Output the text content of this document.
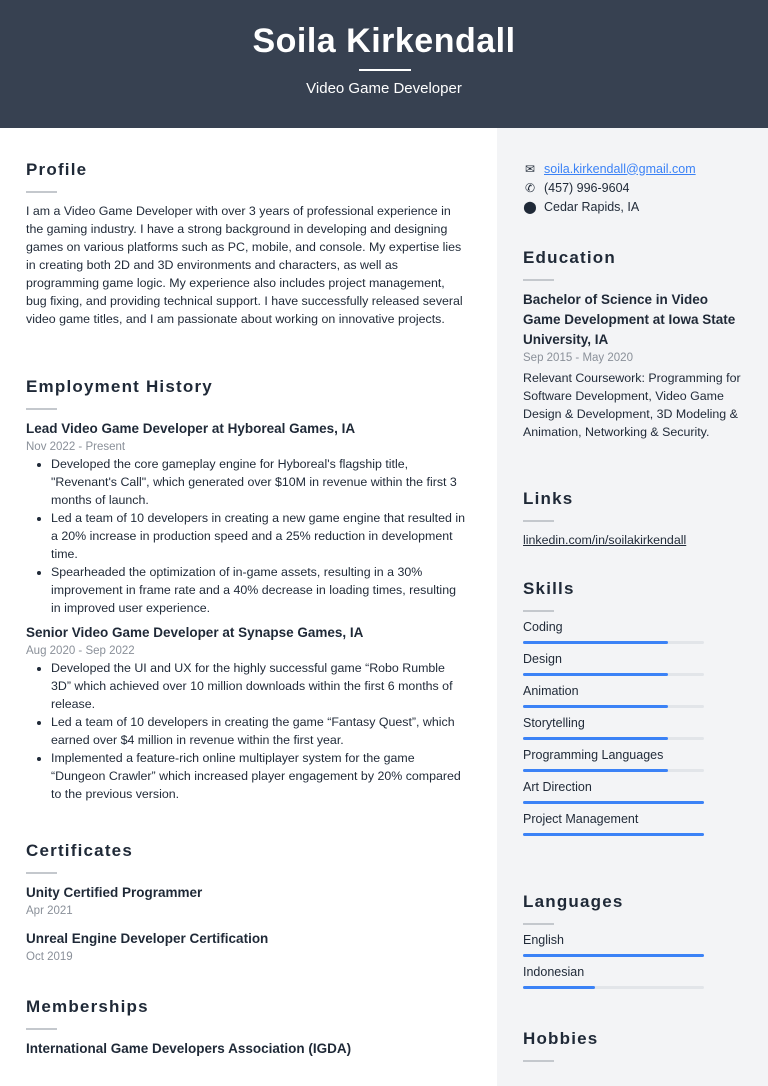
Soila Kirkendall
Video Game Developer
Profile

I am a Video Game Developer with over 3 years of professional experience in the gaming industry. I have a strong background in developing and designing games on various platforms such as PC, mobile, and console. My expertise lies in creating both 2D and 3D environments and characters, as well as programming game logic. My experience also includes project management, bug fixing, and providing technical support. I have successfully released several video game titles, and I am passionate about working on innovative projects.

Employment History
Lead Video Game Developer at Hyboreal Games, IA
Nov 2022 - Present
• Developed the core gameplay engine for Hyboreal's flagship title, "Revenant's Call", which generated over $10M in revenue within the first 3 months of launch.
• Led a team of 10 developers in creating a new game engine that resulted in a 20% increase in production speed and a 25% reduction in development time.
• Spearheaded the optimization of in-game assets, resulting in a 30% improvement in frame rate and a 40% decrease in loading times, resulting in improved user experience.
Senior Video Game Developer at Synapse Games, IA
Aug 2020 - Sep 2022
• Developed the UI and UX for the highly successful game “Robo Rumble 3D” which achieved over 10 million downloads within the first 6 months of release.
• Led a team of 10 developers in creating the game “Fantasy Quest”, which earned over $4 million in revenue within the first year.
• Implemented a feature-rich online multiplayer system for the game “Dungeon Crawler” which increased player engagement by 20% compared to the previous version.
Certificates
Unity Certified Programmer
Apr 2021
Unreal Engine Developer Certification
Oct 2019
Memberships
International Game Developers Association (IGDA)
✉ soila.kirkendall@gmail.com
✆ (457) 996-9604
⬤ Cedar Rapids, IA
Education
Bachelor of Science in Video Game Development at Iowa State University, IA
Sep 2015 - May 2020

Relevant Coursework: Programming for Software Development, Video Game Design & Development, 3D Modeling & Animation, Networking & Security.

Links
linkedin.com/in/soilakirkendall
Skills
Coding
Design
Animation
Storytelling
Programming Languages
Art Direction
Project Management
Languages
English
Indonesian
Hobbies
